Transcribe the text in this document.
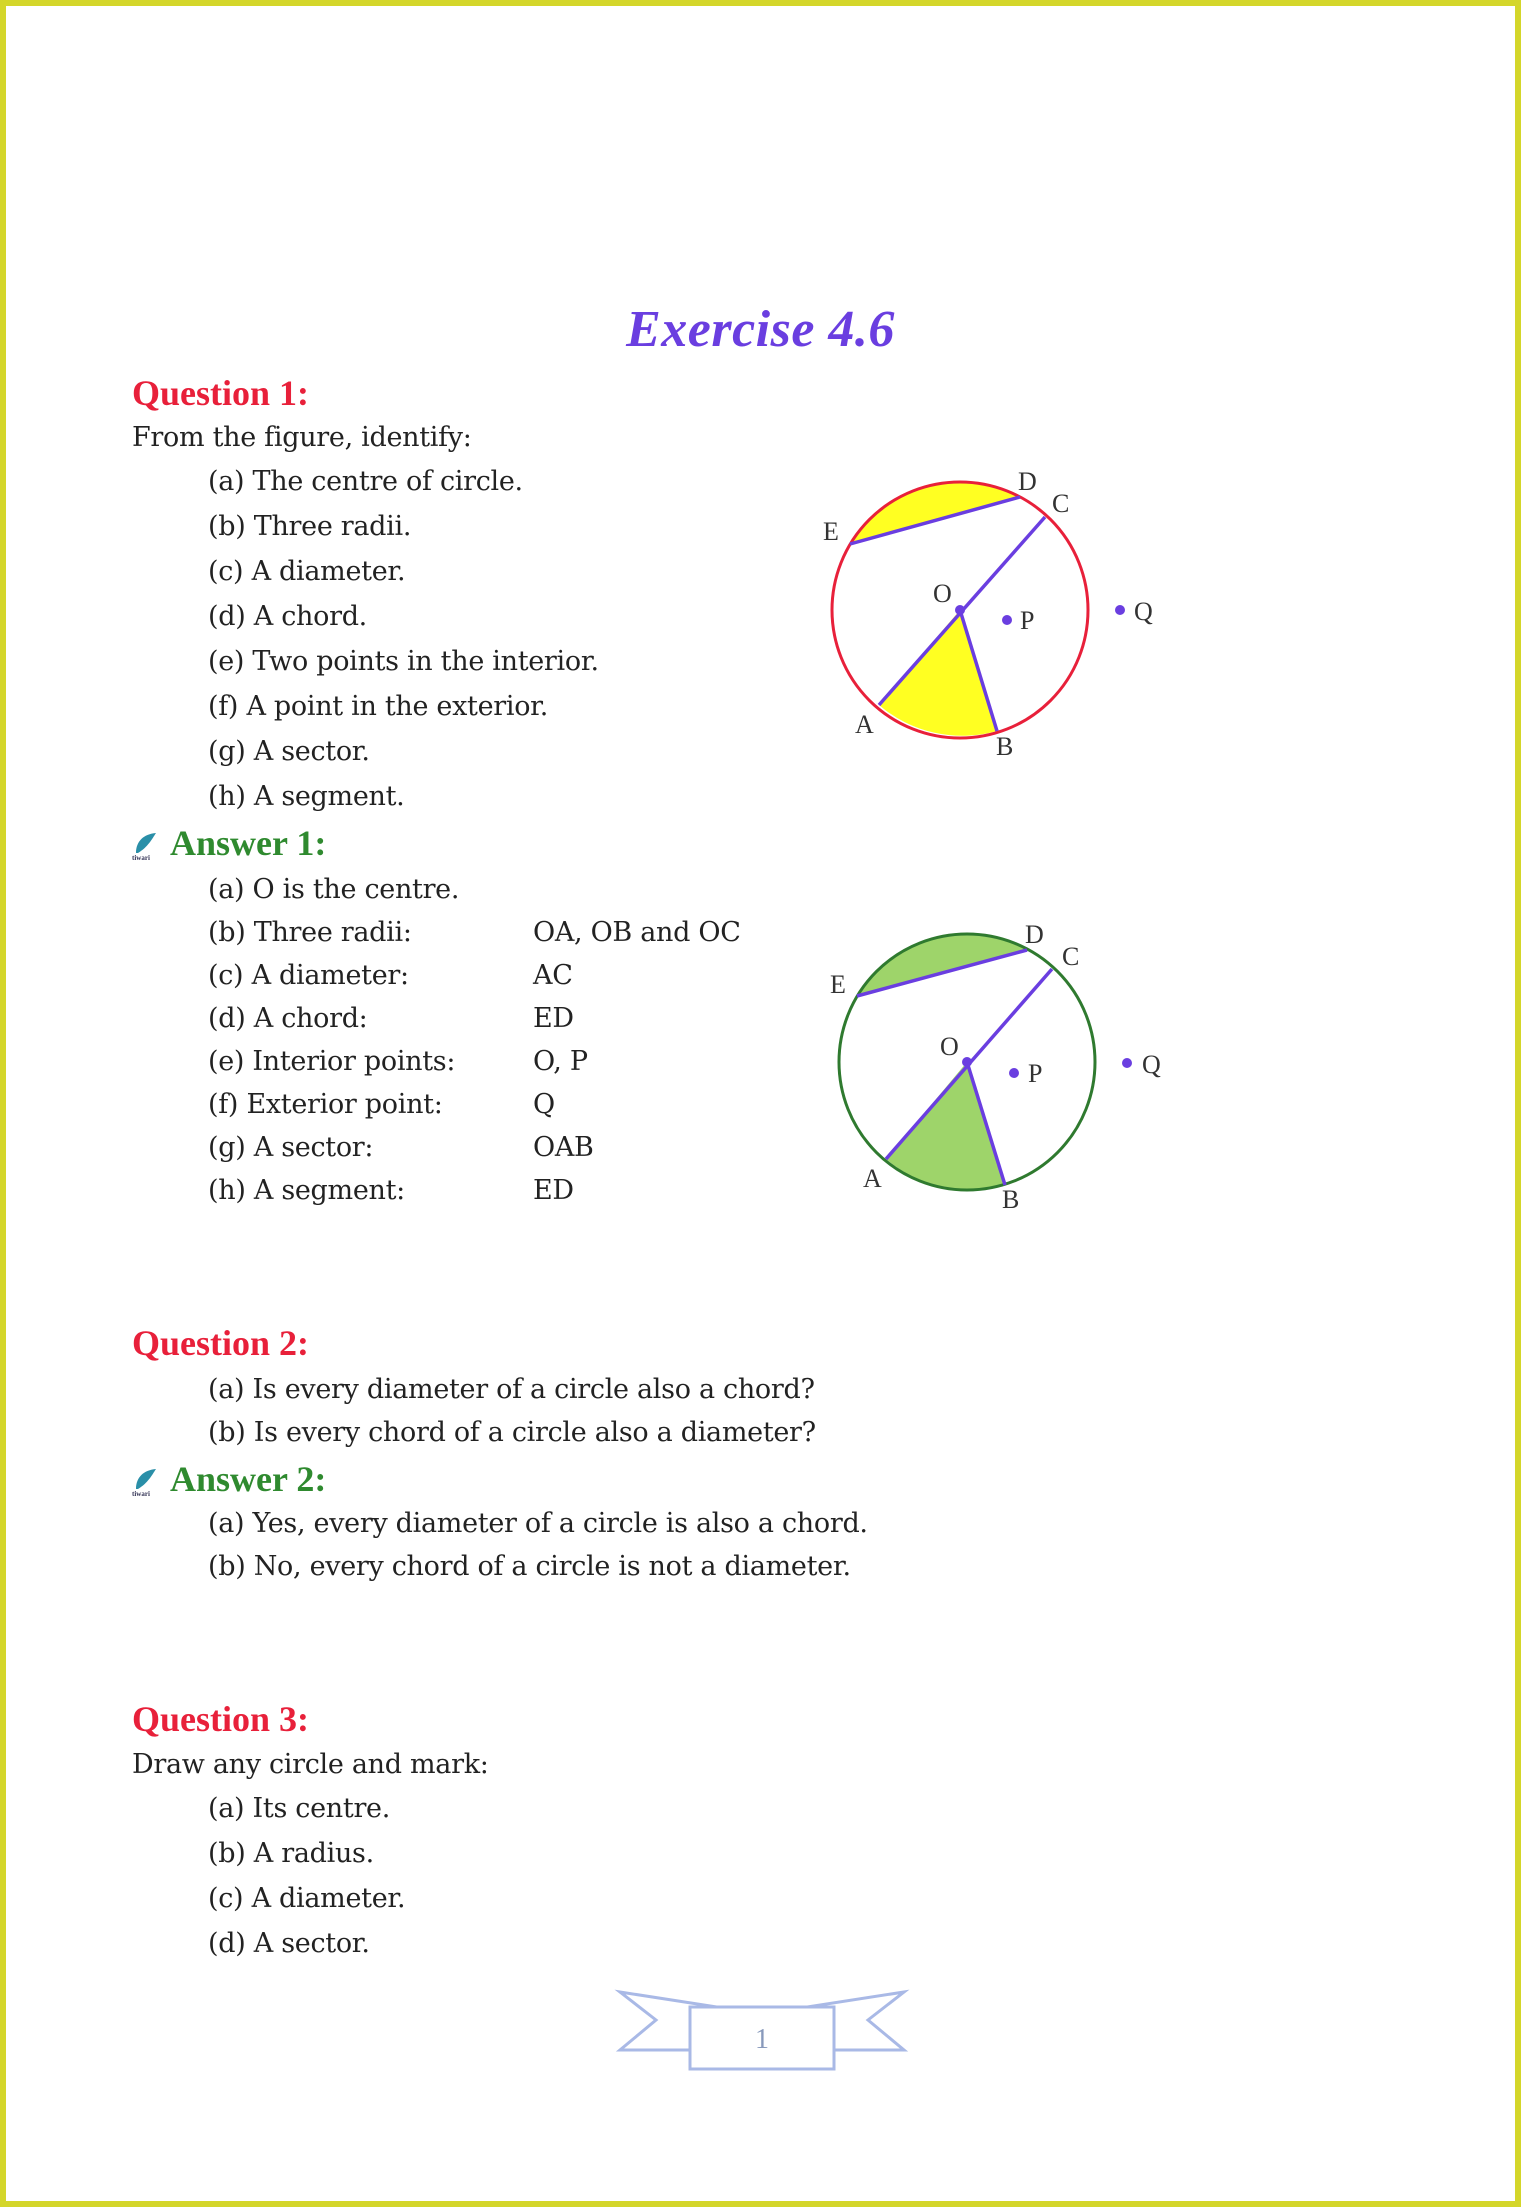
Exercise 4.6
Question 1:
From the figure, identify:
(a) The centre of circle.
(b) Three radii.
(c) A diameter.
(d) A chord.
(e) Two points in the interior.
(f) A point in the exterior.
(g) A sector.
(h) A segment.
D
C
E
O
P	Q
A
B
tiwari Answer 1:
(a) O is the centre.
(b) Three radii:	OA, OB and OC
(c) A diameter:	AC
(d) A chord:	ED
(e) Interior points:	O, P
(f) Exterior point:	Q
(g) A sector:	OAB
(h) A segment:	ED
D
C
E
O
P	Q
A
B
Question 2:
(a) Is every diameter of a circle also a chord?
(b) Is every chord of a circle also a diameter?
tiwari Answer 2:
(a) Yes, every diameter of a circle is also a chord.
(b) No, every chord of a circle is not a diameter.
Question 3:
Draw any circle and mark:
(a) Its centre.
(b) A radius.
(c) A diameter.
(d) A sector.
1
